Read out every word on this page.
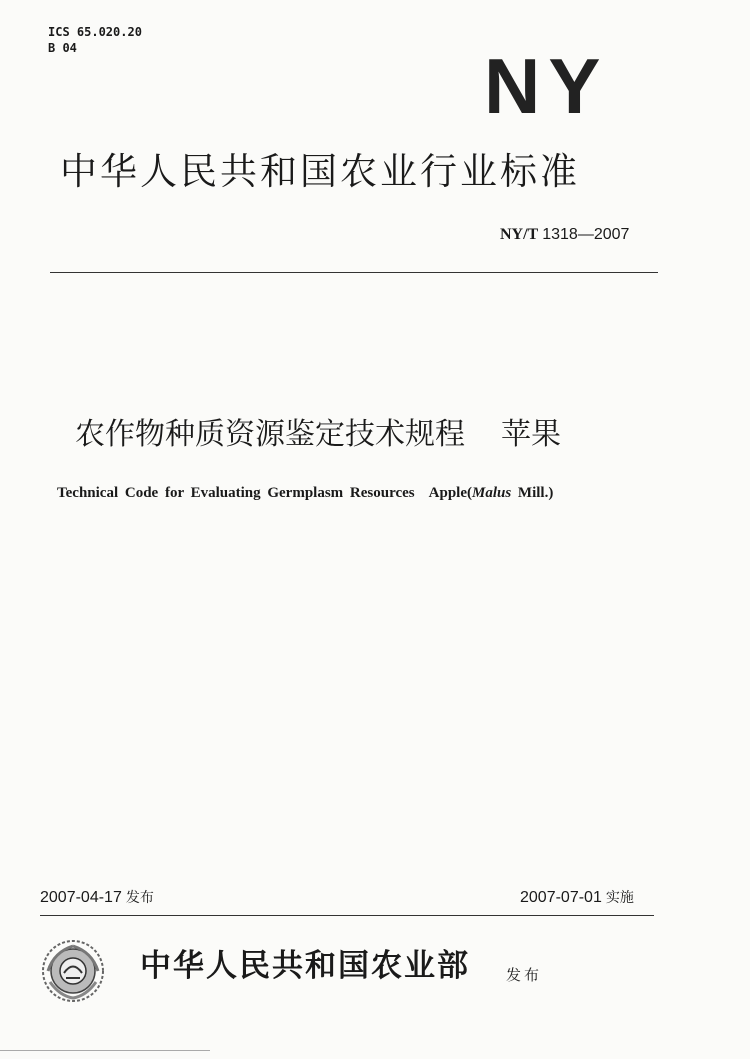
ICS 65.020.20
B 04	NY
中华人民共和国农业行业标准
NY/T 1318—2007
农作物种质资源鉴定技术规程 苹果
Technical Code for Evaluating Germplasm Resources Apple(Malus Mill.)
2007-04-17 发布	2007-07-01 实施
中华人民共和国农业部 发布
